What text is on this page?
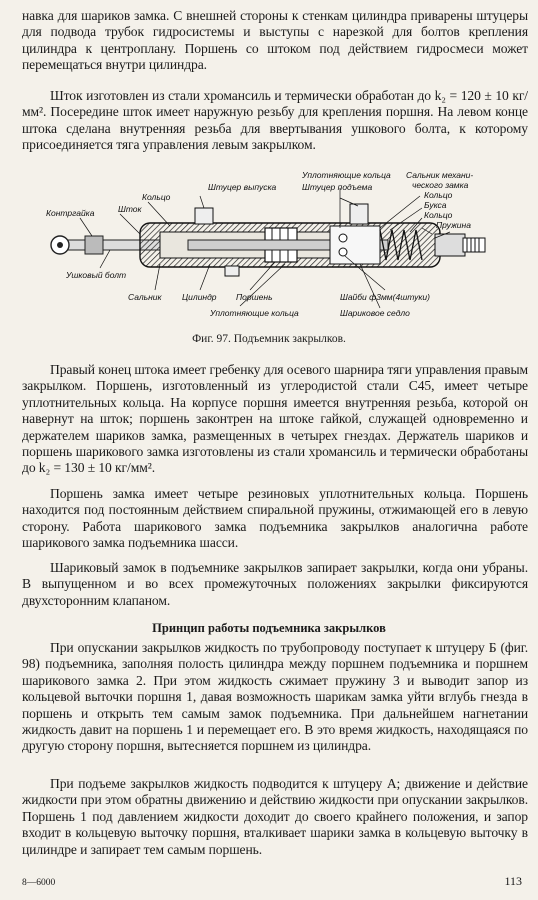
навка для шариков замка. С внешней стороны к стенкам цилиндра приварены штуцеры для подвода трубок гидросистемы и выступы с нарезкой для болтов крепления цилиндра к центроплану. Поршень со штоком под действием гидросмеси может перемещаться внутри цилиндра.

Шток изготовлен из стали хромансиль и термически обработан до k₂ = 120 ± 10 кг/мм². Посередине шток имеет наружную резьбу для крепления поршня. На левом конце штока сделана внутренняя резьба для ввертывания ушкового болта, к которому присоединяется тяга управления левым закрылком.

Штуцер выпуска
Кольцо
Контргайка	Шток
Ушковый болт
Сальник Цилиндр Поршень
Уплотняющие кольца
Уплотняющие кольца
Штуцер подъема
Сальник механи-
ческого замка
Кольцо
Букса
Кольцо
Пружина
Шайби ф3мм(4штуки)
Шариковое седло

Фиг. 97. Подъемник закрылков.

Правый конец штока имеет гребенку для осевого шарнира тяги управления правым закрылком. Поршень, изготовленный из углеродистой стали С45, имеет четыре уплотнительных кольца. На корпусе поршня имеется внутренняя резьба, которой он навернут на шток; поршень законтрен на штоке гайкой, служащей одновременно и держателем шариков замка, размещенных в четырех гнездах. Держатель шариков и поршень шарикового замка изготовлены из стали хромансиль и термически обработаны до k₂ = 130 ± 10 кг/мм².

Поршень замка имеет четыре резиновых уплотнительных кольца. Поршень находится под постоянным действием спиральной пружины, отжимающей его в левую сторону. Работа шарикового замка подъемника закрылков аналогична работе шарикового замка подъемника шасси.

Шариковый замок в подъемнике закрылков запирает закрылки, когда они убраны. В выпущенном и во всех промежуточных положениях закрылки фиксируются двухсторонним клапаном.

Принцип работы подъемника закрылков

При опускании закрылков жидкость по трубопроводу поступает к штуцеру Б (фиг. 98) подъемника, заполняя полость цилиндра между поршнем подъемника и поршнем шарикового замка 2. При этом жидкость сжимает пружину 3 и выводит запор из кольцевой выточки поршня 1, давая возможность шарикам замка уйти вглубь гнезда в поршень и открыть тем самым замок подъемника. При дальнейшем нагнетании жидкость давит на поршень 1 и перемещает его. В это время жидкость, находящаяся по другую сторону поршня, вытесняется поршнем из цилиндра.

При подъеме закрылков жидкость подводится к штуцеру А; движение и действие жидкости при этом обратны движению и действию жидкости при опускании закрылков. Поршень 1 под давлением жидкости доходит до своего крайнего положения, и запор входит в кольцевую выточку поршня, вталкивает шарики замка в кольцевую выточку в цилиндре и запирает тем самым поршень.

8—6000	113
